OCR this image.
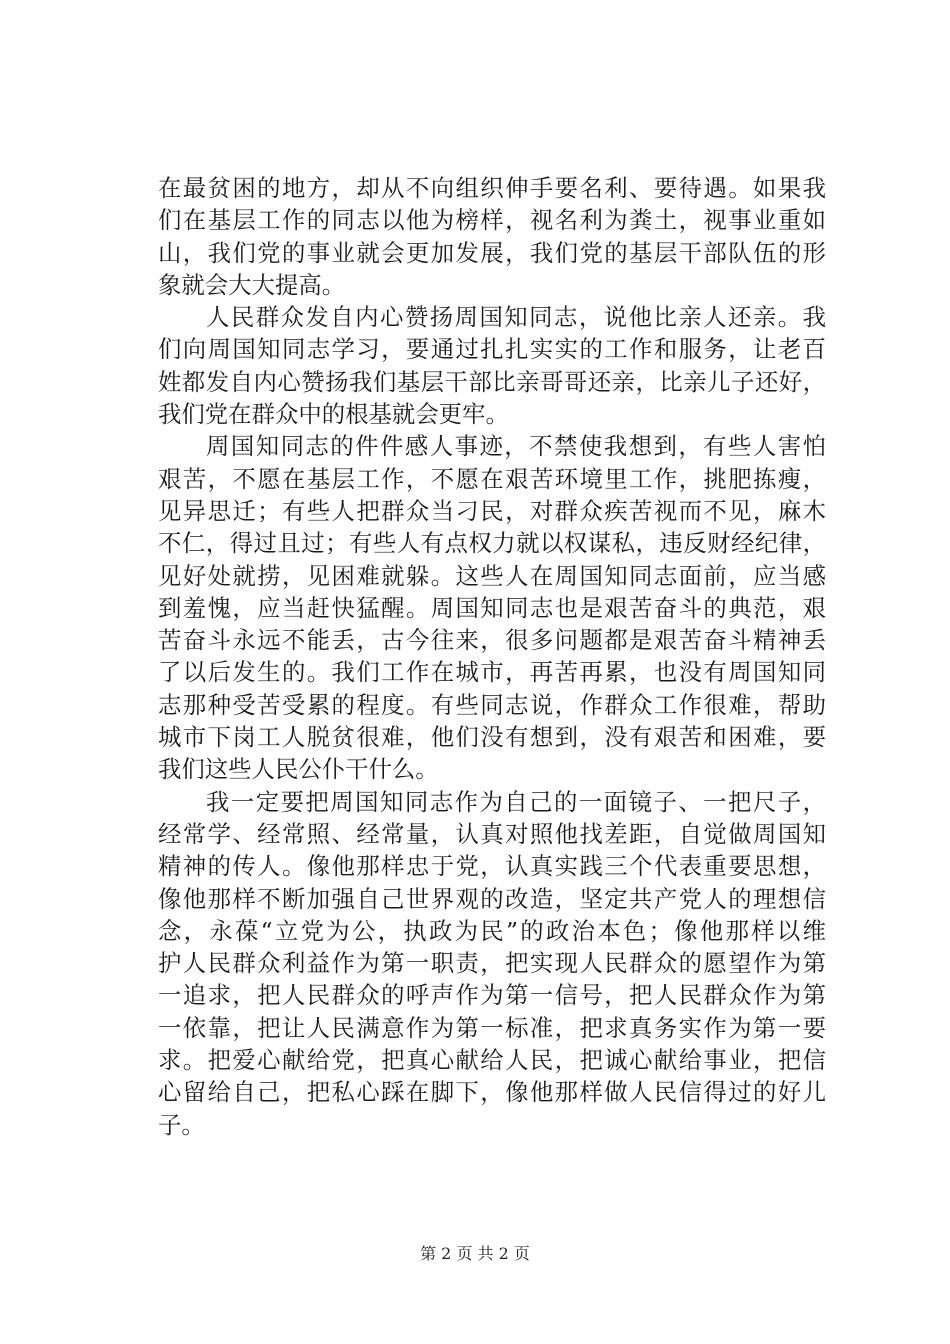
在最贫困的地方，却从不向组织伸手要名利、要待遇。如果我
们在基层工作的同志以他为榜样，视名利为粪土，视事业重如
山，我们党的事业就会更加发展，我们党的基层干部队伍的形
象就会大大提高。
人民群众发自内心赞扬周国知同志，说他比亲人还亲。我
们向周国知同志学习，要通过扎扎实实的工作和服务，让老百
姓都发自内心赞扬我们基层干部比亲哥哥还亲，比亲儿子还好，
我们党在群众中的根基就会更牢。
周国知同志的件件感人事迹，不禁使我想到，有些人害怕
艰苦，不愿在基层工作，不愿在艰苦环境里工作，挑肥拣瘦，
见异思迁；有些人把群众当刁民，对群众疾苦视而不见，麻木
不仁，得过且过；有些人有点权力就以权谋私，违反财经纪律，
见好处就捞，见困难就躲。这些人在周国知同志面前，应当感
到羞愧，应当赶快猛醒。周国知同志也是艰苦奋斗的典范，艰
苦奋斗永远不能丢，古今往来，很多问题都是艰苦奋斗精神丢
了以后发生的。我们工作在城市，再苦再累，也没有周国知同
志那种受苦受累的程度。有些同志说，作群众工作很难，帮助
城市下岗工人脱贫很难，他们没有想到，没有艰苦和困难，要
我们这些人民公仆干什么。
我一定要把周国知同志作为自己的一面镜子、一把尺子，
经常学、经常照、经常量，认真对照他找差距，自觉做周国知
精神的传人。像他那样忠于党，认真实践三个代表重要思想，
像他那样不断加强自己世界观的改造，坚定共产党人的理想信
念，永葆“立党为公，执政为民”的政治本色；像他那样以维
护人民群众利益作为第一职责，把实现人民群众的愿望作为第
一追求，把人民群众的呼声作为第一信号，把人民群众作为第
一依靠，把让人民满意作为第一标准，把求真务实作为第一要
求。把爱心献给党，把真心献给人民，把诚心献给事业，把信
心留给自己，把私心踩在脚下，像他那样做人民信得过的好儿
子。
第 2 页 共 2 页
